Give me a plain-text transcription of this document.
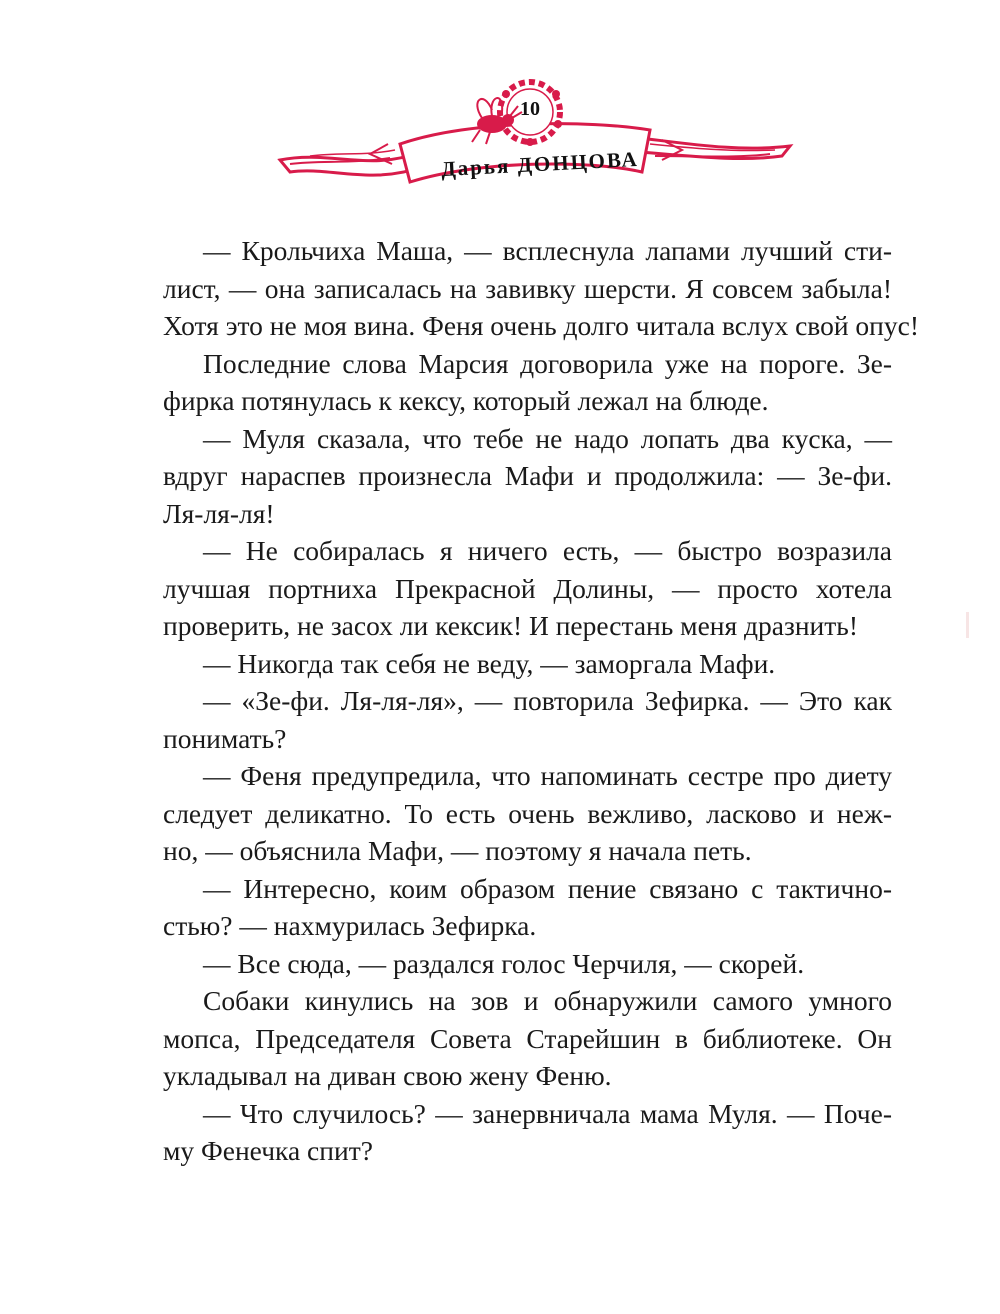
10
Дарья ДОНЦОВА
— Крольчиха Маша, — всплеснула лапами лучший сти-
лист, — она записалась на завивку шерсти. Я совсем забыла!
Хотя это не моя вина. Феня очень долго читала вслух свой опус!
Последние слова Марсия договорила уже на пороге. Зе-
фирка потянулась к кексу, который лежал на блюде.
— Муля сказала, что тебе не надо лопать два куска, —
вдруг нараспев произнесла Мафи и продолжила: — Зе-фи.
Ля-ля-ля!
— Не собиралась я ничего есть, — быстро возразила
лучшая портниха Прекрасной Долины, — просто хотела
проверить, не засох ли кексик! И перестань меня дразнить!
— Никогда так себя не веду, — заморгала Мафи.
— «Зе-фи. Ля-ля-ля», — повторила Зефирка. — Это как
понимать?
— Феня предупредила, что напоминать сестре про диету
следует деликатно. То есть очень вежливо, ласково и неж-
но, — объяснила Мафи, — поэтому я начала петь.
— Интересно, коим образом пение связано с тактично-
стью? — нахмурилась Зефирка.
— Все сюда, — раздался голос Черчиля, — скорей.
Собаки кинулись на зов и обнаружили самого умного
мопса, Председателя Совета Старейшин в библиотеке. Он
укладывал на диван свою жену Феню.
— Что случилось? — занервничала мама Муля. — Поче-
му Фенечка спит?
